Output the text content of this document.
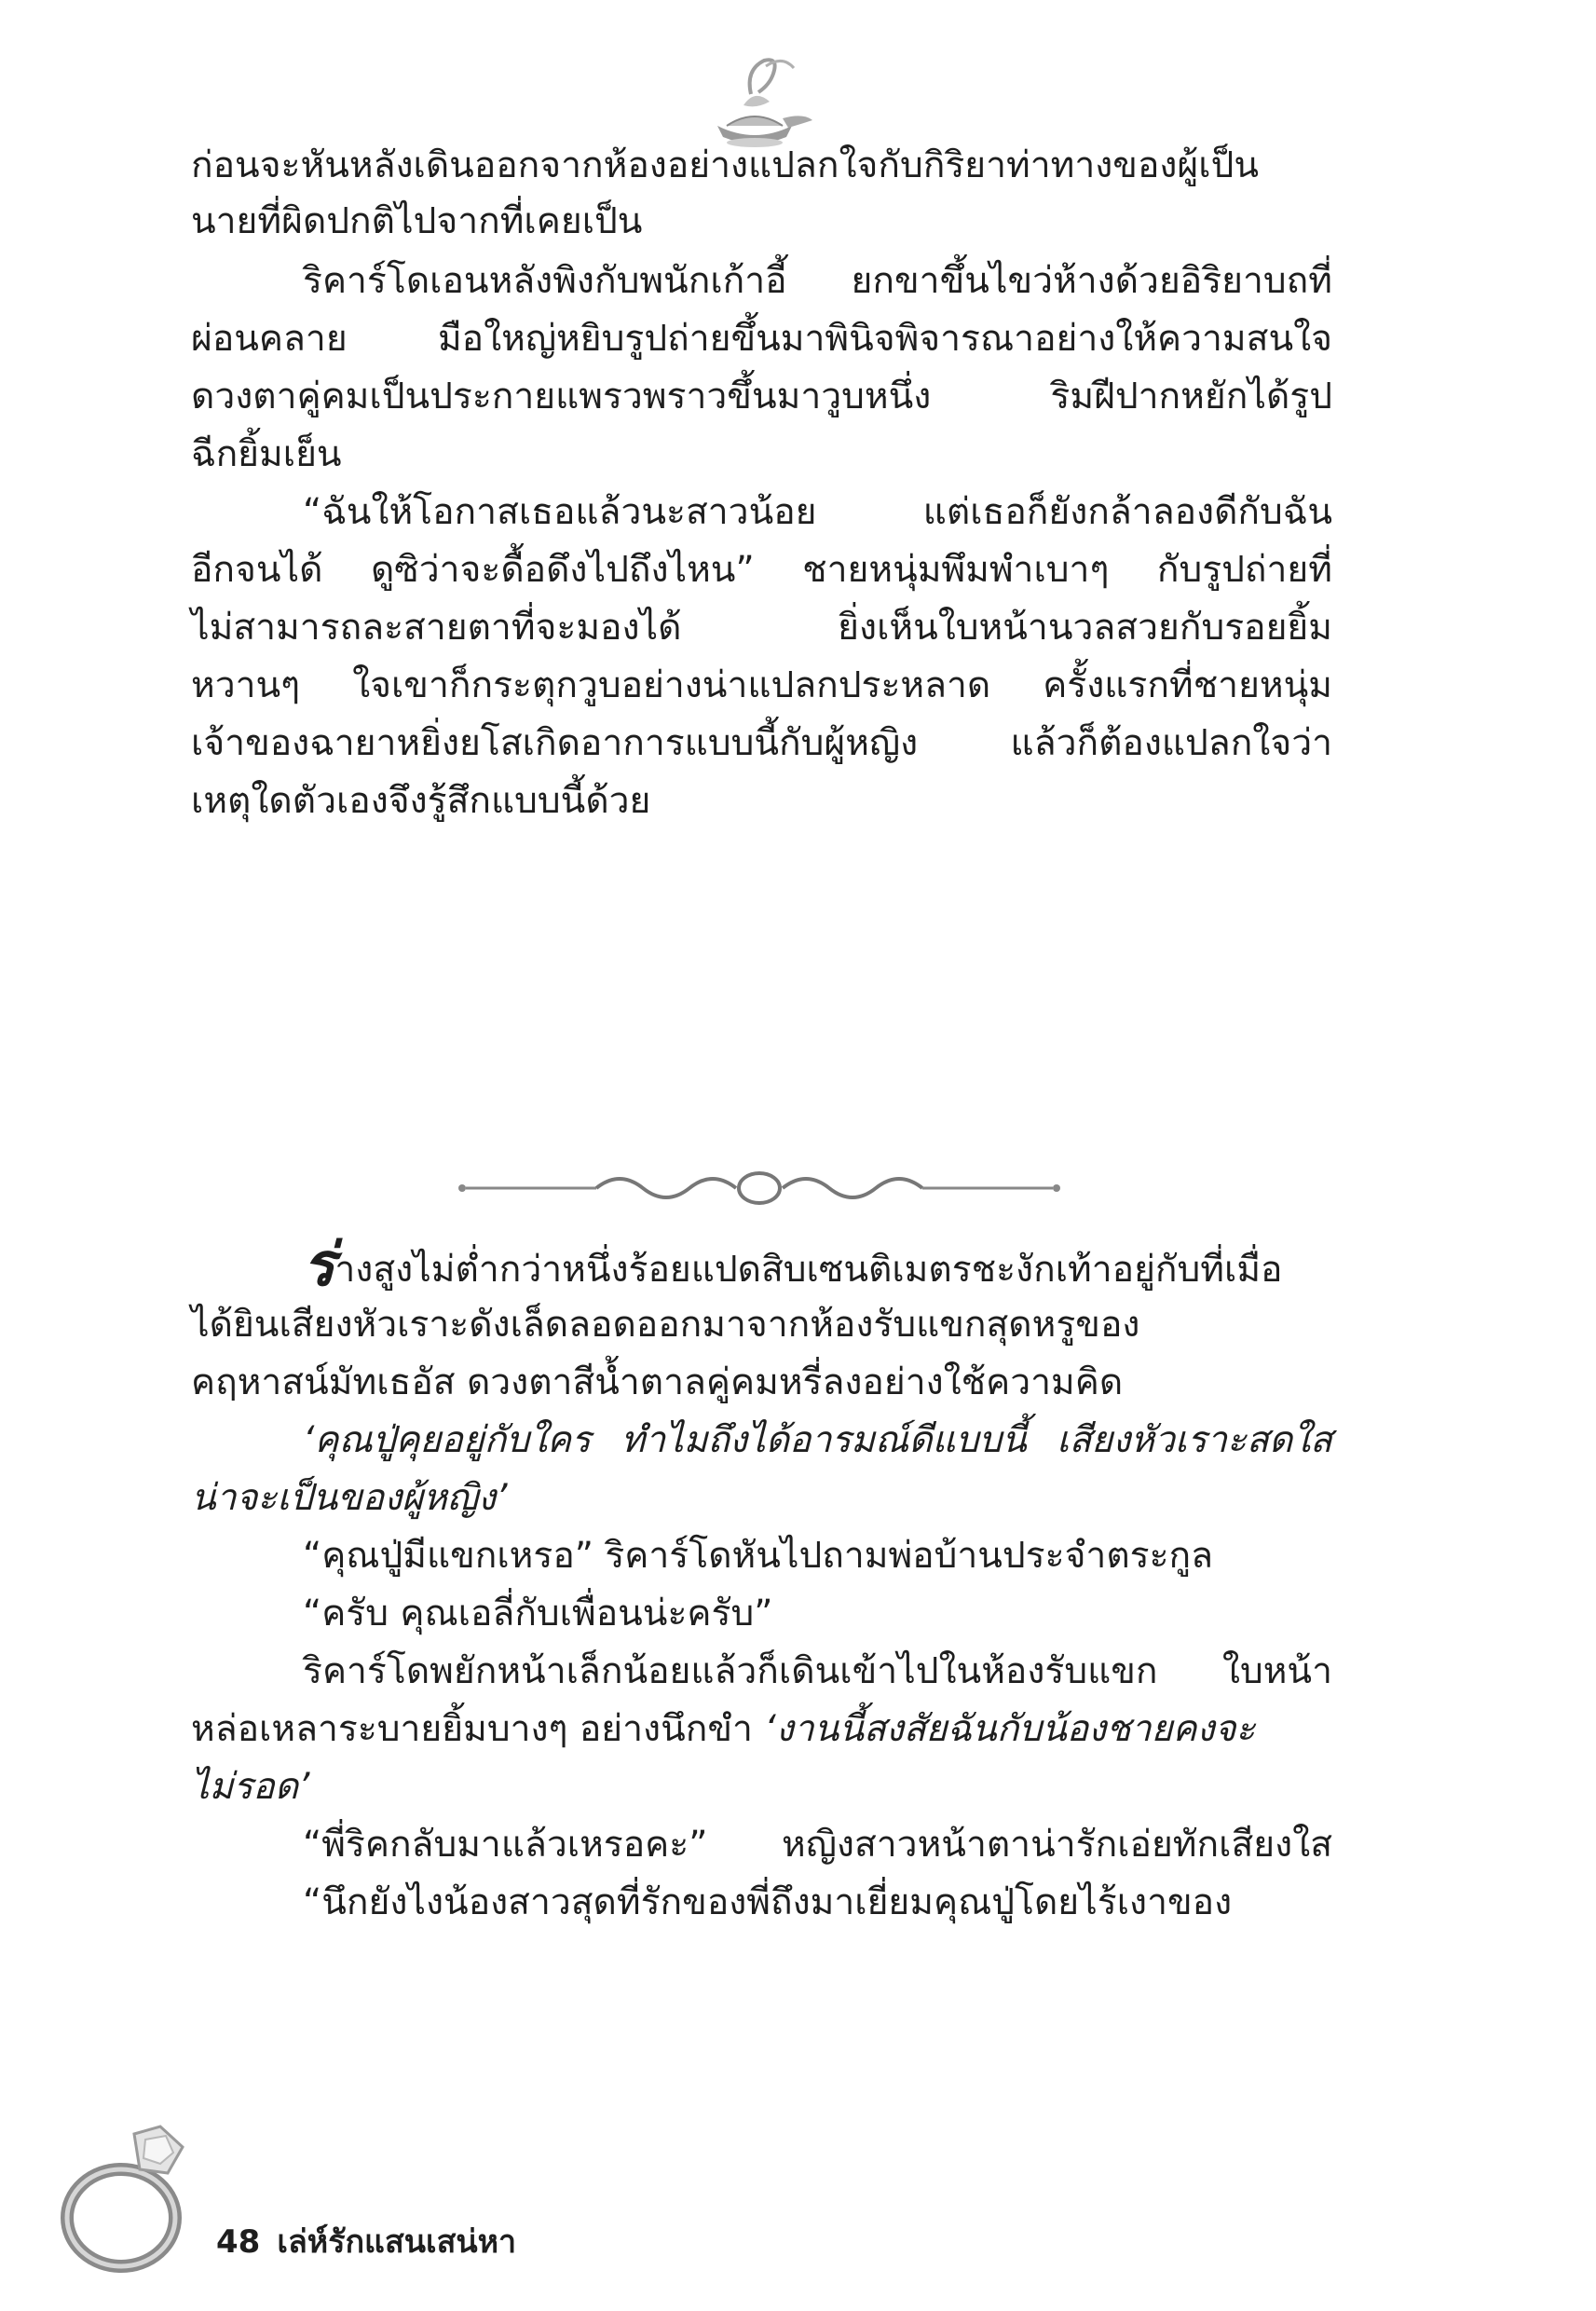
ก่อนจะหันหลังเดินออกจากห้องอย่างแปลกใจกับกิริยาท่าทางของผู้เป็น
นายที่ผิดปกติไปจากที่เคยเป็น
ริคาร์โดเอนหลังพิงกับพนักเก้าอี้ ยกขาขึ้นไขว่ห้างด้วยอิริยาบถที่
ผ่อนคลาย มือใหญ่หยิบรูปถ่ายขึ้นมาพินิจพิจารณาอย่างให้ความสนใจ
ดวงตาคู่คมเป็นประกายแพรวพราวขึ้นมาวูบหนึ่ง ริมฝีปากหยักได้รูป
ฉีกยิ้มเย็น
“ฉันให้โอกาสเธอแล้วนะสาวน้อย แต่เธอก็ยังกล้าลองดีกับฉัน
อีกจนได้ ดูซิว่าจะดื้อดึงไปถึงไหน” ชายหนุ่มพึมพำเบาๆ กับรูปถ่ายที่
ไม่สามารถละสายตาที่จะมองได้ ยิ่งเห็นใบหน้านวลสวยกับรอยยิ้ม
หวานๆ ใจเขาก็กระตุกวูบอย่างน่าแปลกประหลาด ครั้งแรกที่ชายหนุ่ม
เจ้าของฉายาหยิ่งยโสเกิดอาการแบบนี้กับผู้หญิง แล้วก็ต้องแปลกใจว่า
เหตุใดตัวเองจึงรู้สึกแบบนี้ด้วย
ร่างสูงไม่ต่ำกว่าหนึ่งร้อยแปดสิบเซนติเมตรชะงักเท้าอยู่กับที่เมื่อ
ได้ยินเสียงหัวเราะดังเล็ดลอดออกมาจากห้องรับแขกสุดหรูของ
คฤหาสน์มัทเธอัส ดวงตาสีน้ำตาลคู่คมหรี่ลงอย่างใช้ความคิด
‘คุณปู่คุยอยู่กับใคร ทำไมถึงได้อารมณ์ดีแบบนี้ เสียงหัวเราะสดใส
น่าจะเป็นของผู้หญิง’
“คุณปู่มีแขกเหรอ” ริคาร์โดหันไปถามพ่อบ้านประจำตระกูล
“ครับ คุณเอลี่กับเพื่อนน่ะครับ”
ริคาร์โดพยักหน้าเล็กน้อยแล้วก็เดินเข้าไปในห้องรับแขก ใบหน้า
หล่อเหลาระบายยิ้มบางๆ อย่างนึกขำ ‘งานนี้สงสัยฉันกับน้องชายคงจะ
ไม่รอด’
“พี่ริคกลับมาแล้วเหรอคะ” หญิงสาวหน้าตาน่ารักเอ่ยทักเสียงใส
“นึกยังไงน้องสาวสุดที่รักของพี่ถึงมาเยี่ยมคุณปู่โดยไร้เงาของ
48 เล่ห์รักแสนเสน่หา
